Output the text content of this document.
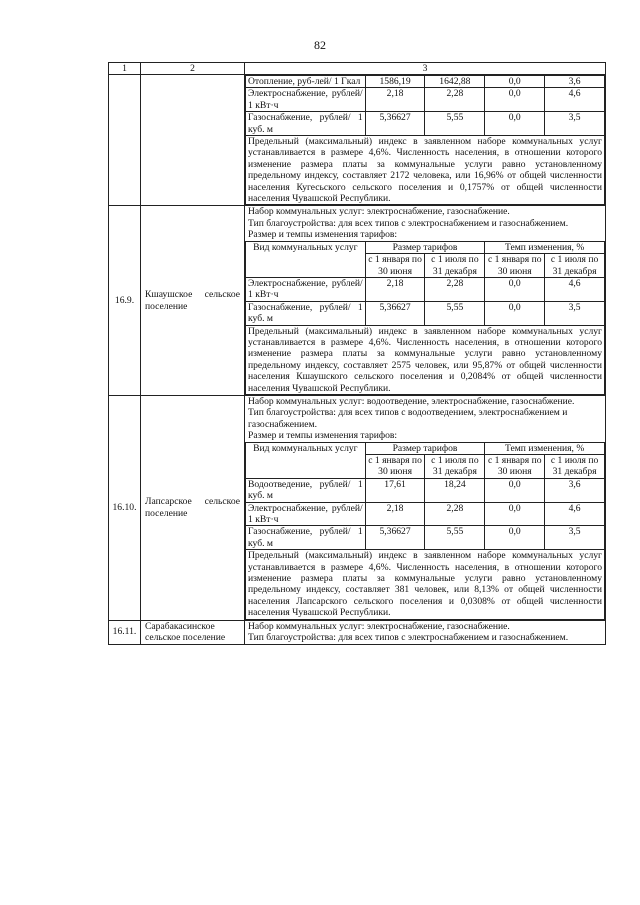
82
1	2	3

Отопление, руб-лей/ 1 Гкал	1586,19	1642,88	0,0	3,6
Электроснабжение, рублей/ 1 кВт·ч	2,18	2,28	0,0	4,6
Газоснабжение, рублей/ 1 куб. м	5,36627	5,55	0,0	3,5
Предельный (максимальный) индекс в заявленном наборе коммунальных услуг устанавливается в размере 4,6%. Численность населения, в отношении которого изменение размера платы за коммунальные услуги равно установленному предельному индексу, составляет 2172 человека, или 16,96% от общей численности населения Кугесьского сельского поселения и 0,1757% от общей численности населения Чувашской Республики.

16.9.	Кшаушское сельское поселение	
Набор коммунальных услуг: электроснабжение, газоснабжение.
Тип благоустройства: для всех типов с электроснабжением и газоснабжением.
Размер и темпы изменения тарифов:
Вид коммунальных услуг	Размер тарифов	Темп изменения, %
с 1 января по 30 июня	с 1 июля по 31 декабря	с 1 января по 30 июня	с 1 июля по 31 декабря
Электроснабжение, рублей/ 1 кВт·ч	2,18	2,28	0,0	4,6
Газоснабжение, рублей/ 1 куб. м	5,36627	5,55	0,0	3,5
Предельный (максимальный) индекс в заявленном наборе коммунальных услуг устанавливается в размере 4,6%. Численность населения, в отношении которого изменение размера платы за коммунальные услуги равно установленному предельному индексу, составляет 2575 человек, или 95,87% от общей численности населения Кшаушского сельского поселения и 0,2084% от общей численности населения Чувашской Республики.

16.10.	Лапсарское сельское поселение	
Набор коммунальных услуг: водоотведение, электроснабжение, газоснабжение.
Тип благоустройства: для всех типов с водоотведением, электроснабжением и газоснабжением.
Размер и темпы изменения тарифов:
Вид коммунальных услуг	Размер тарифов	Темп изменения, %
с 1 января по 30 июня	с 1 июля по 31 декабря	с 1 января по 30 июня	с 1 июля по 31 декабря
Водоотведение, рублей/ 1 куб. м	17,61	18,24	0,0	3,6
Электроснабжение, рублей/ 1 кВт·ч	2,18	2,28	0,0	4,6
Газоснабжение, рублей/ 1 куб. м	5,36627	5,55	0,0	3,5
Предельный (максимальный) индекс в заявленном наборе коммунальных услуг устанавливается в размере 4,6%. Численность населения, в отношении которого изменение размера платы за коммунальные услуги равно установленному предельному индексу, составляет 381 человек, или 8,13% от общей численности населения Лапсарского сельского поселения и 0,0308% от общей численности населения Чувашской Республики.

16.11.	Сарабакасинское сельское поселение	
Набор коммунальных услуг: электроснабжение, газоснабжение.
Тип благоустройства: для всех типов с электроснабжением и газоснабжением.
